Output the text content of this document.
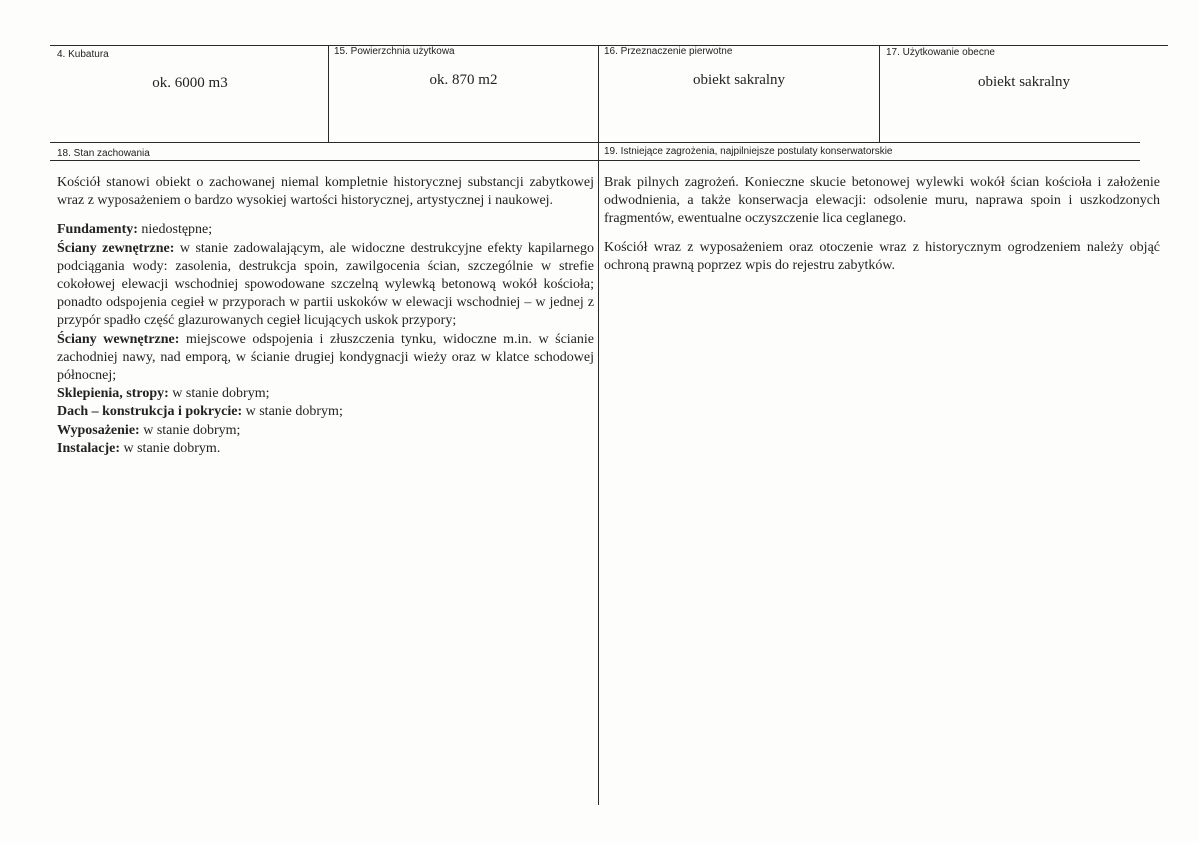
4. Kubatura	15. Powierzchnia użytkowa	16. Przeznaczenie pierwotne	17. Użytkowanie obecne
ok. 6000 m3	ok. 870 m2	obiekt sakralny	obiekt sakralny
18. Stan zachowania	19. Istniejące zagrożenia, najpilniejsze postulaty konserwatorskie

Kościół stanowi obiekt o zachowanej niemal kompletnie historycznej substancji zabytkowej wraz z wyposażeniem o bardzo wysokiej wartości historycznej, artystycznej i naukowej.

Fundamenty: niedostępne;

Ściany zewnętrzne: w stanie zadowalającym, ale widoczne destrukcyjne efekty kapilarnego podciągania wody: zasolenia, destrukcja spoin, zawilgocenia ścian, szczególnie w strefie cokołowej elewacji wschodniej spowodowane szczelną wylewką betonową wokół kościoła; ponadto odspojenia cegieł w przyporach w partii uskoków w elewacji wschodniej – w jednej z przypór spadło część glazurowanych cegieł licujących uskok przypory;

Ściany wewnętrzne: miejscowe odspojenia i złuszczenia tynku, widoczne m.in. w ścianie zachodniej nawy, nad emporą, w ścianie drugiej kondygnacji wieży oraz w klatce schodowej północnej;

Sklepienia, stropy: w stanie dobrym;

Dach – konstrukcja i pokrycie: w stanie dobrym;

Wyposażenie: w stanie dobrym;

Instalacje: w stanie dobrym.

Brak pilnych zagrożeń. Konieczne skucie betonowej wylewki wokół ścian kościoła i założenie odwodnienia, a także konserwacja elewacji: odsolenie muru, naprawa spoin i uszkodzonych fragmentów, ewentualne oczyszczenie lica ceglanego.

Kościół wraz z wyposażeniem oraz otoczenie wraz z historycznym ogrodzeniem należy objąć ochroną prawną poprzez wpis do rejestru zabytków.
